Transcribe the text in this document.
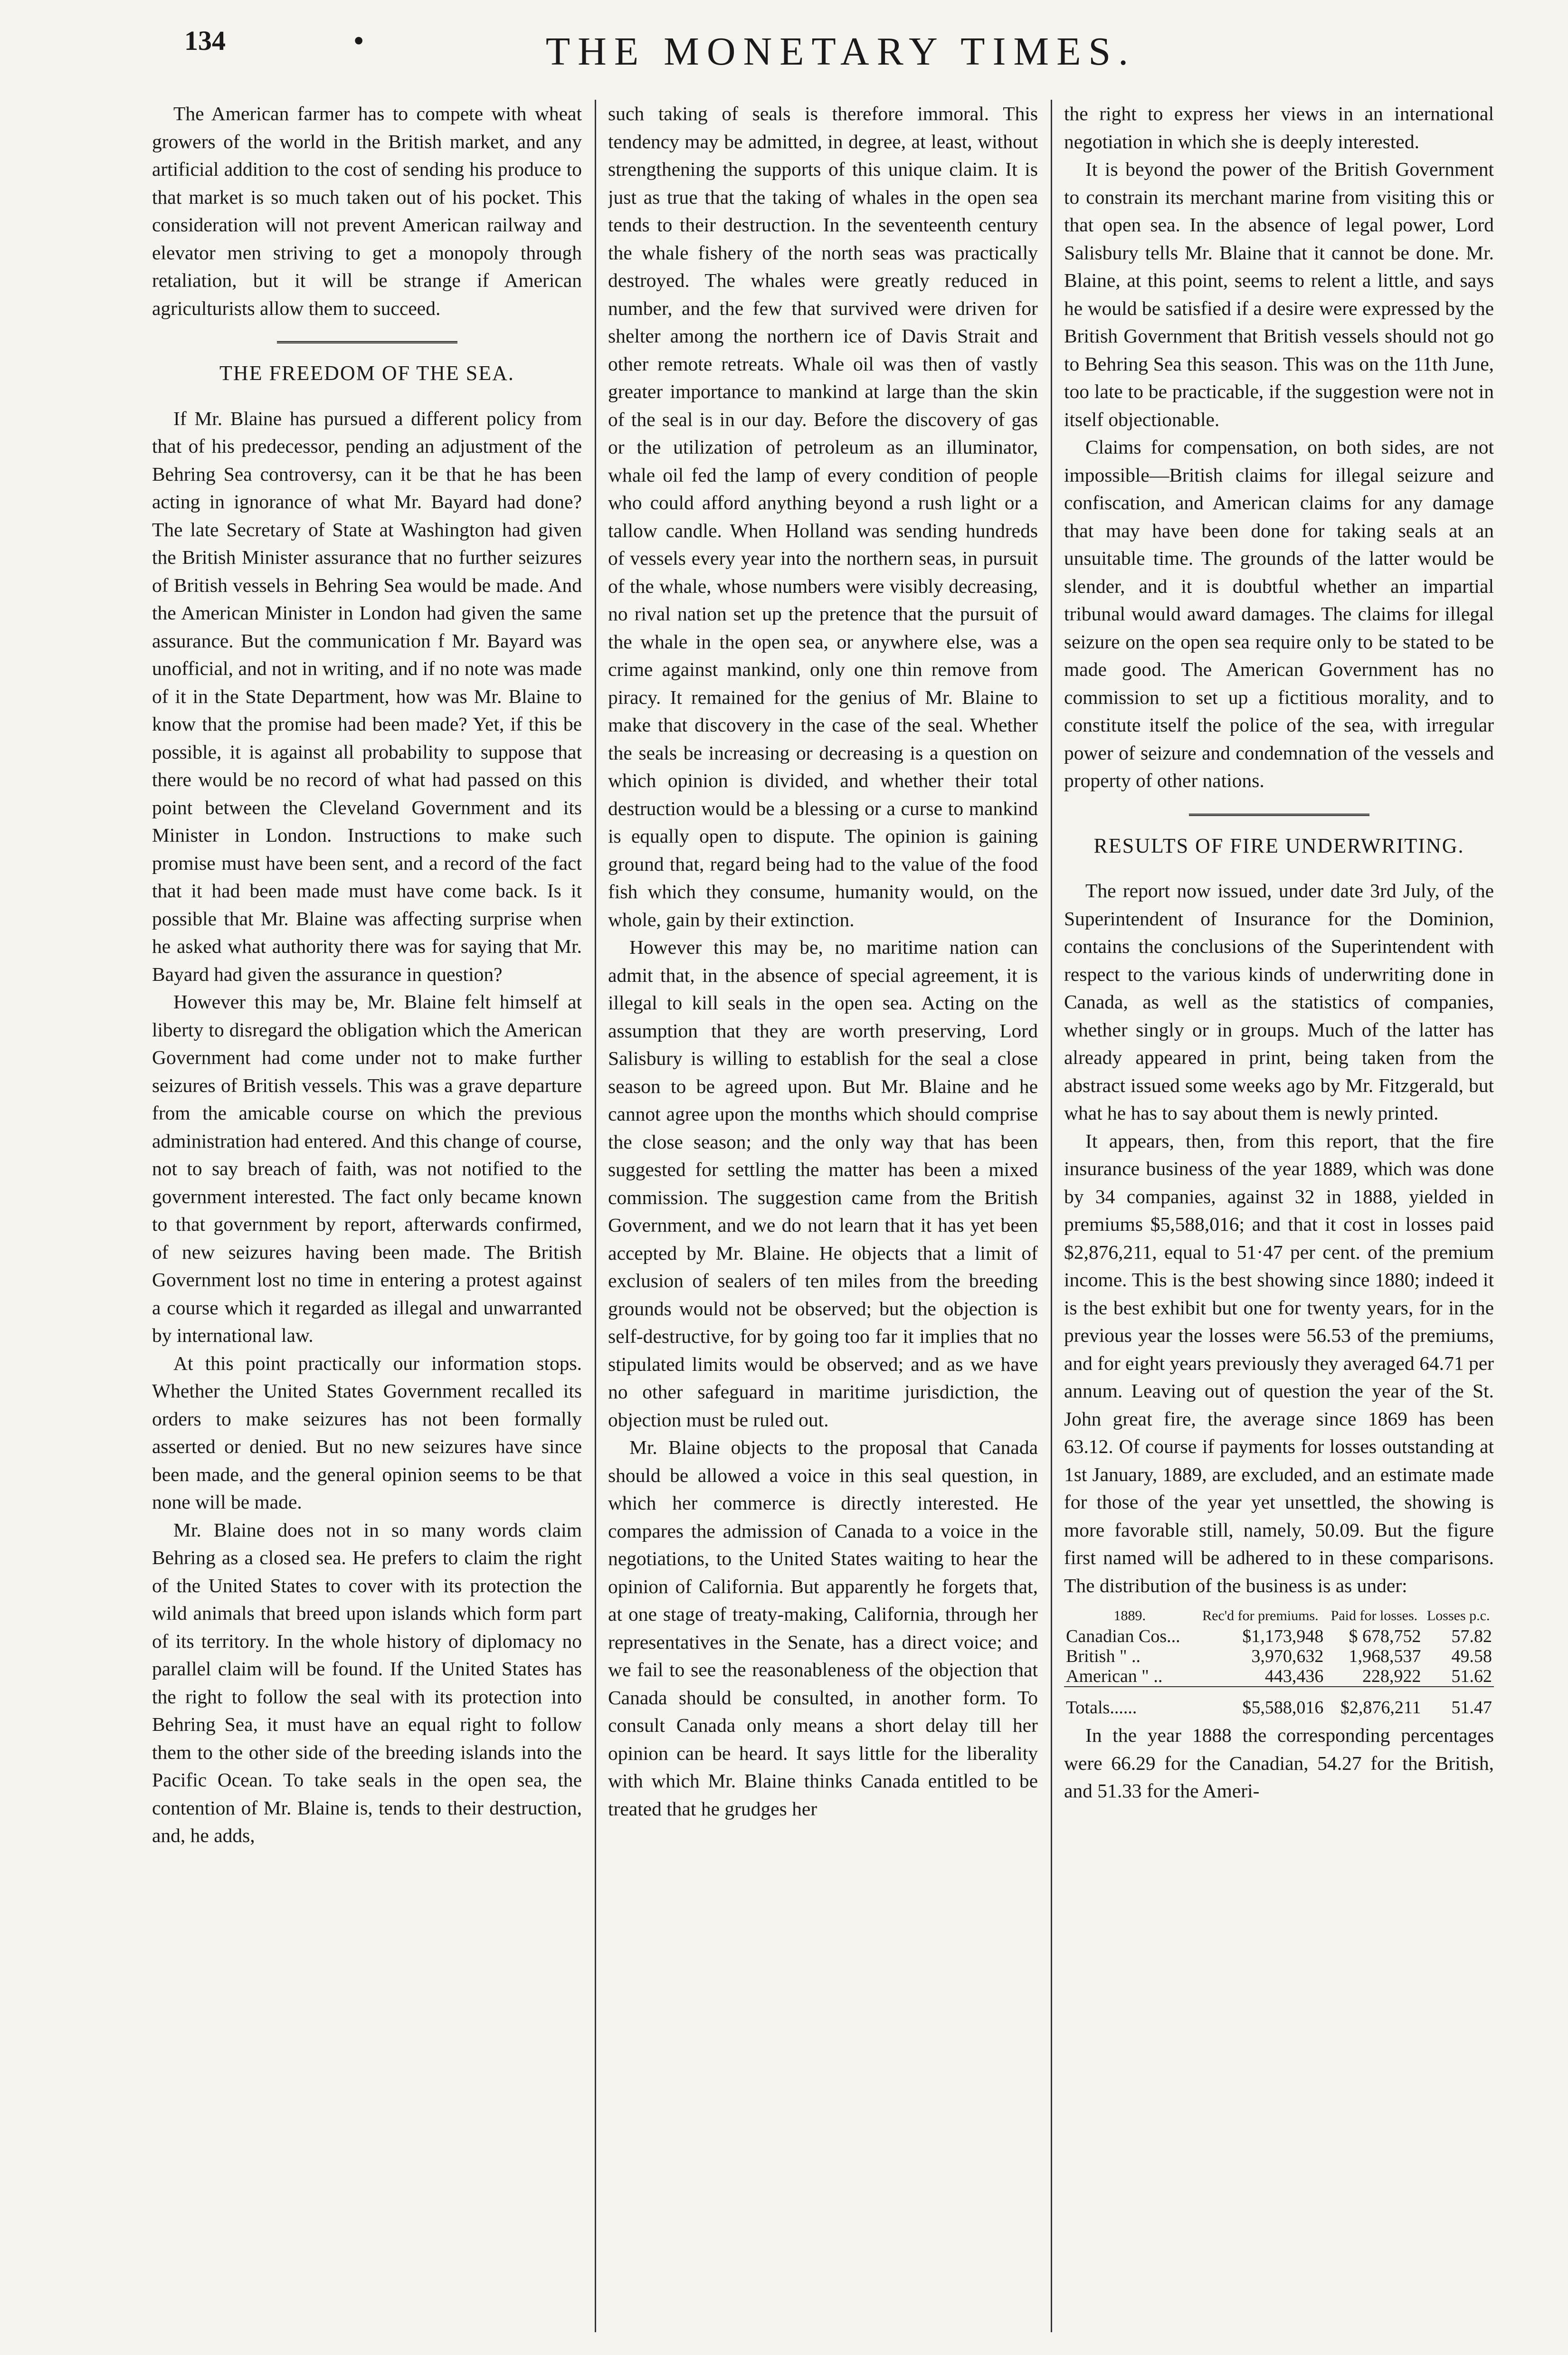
134	•	THE MONETARY TIMES.

The American farmer has to compete with wheat growers of the world in the British market, and any artificial addition to the cost of sending his produce to that market is so much taken out of his pocket. This consideration will not prevent American railway and elevator men striving to get a monopoly through retaliation, but it will be strange if American agriculturists allow them to succeed.

THE FREEDOM OF THE SEA.

If Mr. Blaine has pursued a different policy from that of his predecessor, pending an adjustment of the Behring Sea controversy, can it be that he has been acting in ignorance of what Mr. Bayard had done? The late Secretary of State at Washington had given the British Minister assurance that no further seizures of British vessels in Behring Sea would be made. And the American Minister in London had given the same assurance. But the communication f Mr. Bayard was unofficial, and not in writing, and if no note was made of it in the State Department, how was Mr. Blaine to know that the promise had been made? Yet, if this be possible, it is against all probability to suppose that there would be no record of what had passed on this point between the Cleveland Government and its Minister in London. Instructions to make such promise must have been sent, and a record of the fact that it had been made must have come back. Is it possible that Mr. Blaine was affecting surprise when he asked what authority there was for saying that Mr. Bayard had given the assurance in question?

However this may be, Mr. Blaine felt himself at liberty to disregard the obligation which the American Government had come under not to make further seizures of British vessels. This was a grave departure from the amicable course on which the previous administration had entered. And this change of course, not to say breach of faith, was not notified to the government interested. The fact only became known to that government by report, afterwards confirmed, of new seizures having been made. The British Government lost no time in entering a protest against a course which it regarded as illegal and unwarranted by international law.

At this point practically our information stops. Whether the United States Government recalled its orders to make seizures has not been formally asserted or denied. But no new seizures have since been made, and the general opinion seems to be that none will be made.

Mr. Blaine does not in so many words claim Behring as a closed sea. He prefers to claim the right of the United States to cover with its protection the wild animals that breed upon islands which form part of its territory. In the whole history of diplomacy no parallel claim will be found. If the United States has the right to follow the seal with its protection into Behring Sea, it must have an equal right to follow them to the other side of the breeding islands into the Pacific Ocean. To take seals in the open sea, the contention of Mr. Blaine is, tends to their destruction, and, he adds,

such taking of seals is therefore immoral. This tendency may be admitted, in degree, at least, without strengthening the supports of this unique claim. It is just as true that the taking of whales in the open sea tends to their destruction. In the seventeenth century the whale fishery of the north seas was practically destroyed. The whales were greatly reduced in number, and the few that survived were driven for shelter among the northern ice of Davis Strait and other remote retreats. Whale oil was then of vastly greater importance to mankind at large than the skin of the seal is in our day. Before the discovery of gas or the utilization of petroleum as an illuminator, whale oil fed the lamp of every condition of people who could afford anything beyond a rush light or a tallow candle. When Holland was sending hundreds of vessels every year into the northern seas, in pursuit of the whale, whose numbers were visibly decreasing, no rival nation set up the pretence that the pursuit of the whale in the open sea, or anywhere else, was a crime against mankind, only one thin remove from piracy. It remained for the genius of Mr. Blaine to make that discovery in the case of the seal. Whether the seals be increasing or decreasing is a question on which opinion is divided, and whether their total destruction would be a blessing or a curse to mankind is equally open to dispute. The opinion is gaining ground that, regard being had to the value of the food fish which they consume, humanity would, on the whole, gain by their extinction.

However this may be, no maritime nation can admit that, in the absence of special agreement, it is illegal to kill seals in the open sea. Acting on the assumption that they are worth preserving, Lord Salisbury is willing to establish for the seal a close season to be agreed upon. But Mr. Blaine and he cannot agree upon the months which should comprise the close season; and the only way that has been suggested for settling the matter has been a mixed commission. The suggestion came from the British Government, and we do not learn that it has yet been accepted by Mr. Blaine. He objects that a limit of exclusion of sealers of ten miles from the breeding grounds would not be observed; but the objection is self-destructive, for by going too far it implies that no stipulated limits would be observed; and as we have no other safeguard in maritime jurisdiction, the objection must be ruled out.

Mr. Blaine objects to the proposal that Canada should be allowed a voice in this seal question, in which her commerce is directly interested. He compares the admission of Canada to a voice in the negotiations, to the United States waiting to hear the opinion of California. But apparently he forgets that, at one stage of treaty-making, California, through her representatives in the Senate, has a direct voice; and we fail to see the reasonableness of the objection that Canada should be consulted, in another form. To consult Canada only means a short delay till her opinion can be heard. It says little for the liberality with which Mr. Blaine thinks Canada entitled to be treated that he grudges her

the right to express her views in an international negotiation in which she is deeply interested.

It is beyond the power of the British Government to constrain its merchant marine from visiting this or that open sea. In the absence of legal power, Lord Salisbury tells Mr. Blaine that it cannot be done. Mr. Blaine, at this point, seems to relent a little, and says he would be satisfied if a desire were expressed by the British Government that British vessels should not go to Behring Sea this season. This was on the 11th June, too late to be practicable, if the suggestion were not in itself objectionable.

Claims for compensation, on both sides, are not impossible—British claims for illegal seizure and confiscation, and American claims for any damage that may have been done for taking seals at an unsuitable time. The grounds of the latter would be slender, and it is doubtful whether an impartial tribunal would award damages. The claims for illegal seizure on the open sea require only to be stated to be made good. The American Government has no commission to set up a fictitious morality, and to constitute itself the police of the sea, with irregular power of seizure and condemnation of the vessels and property of other nations.

RESULTS OF FIRE UNDERWRITING.

The report now issued, under date 3rd July, of the Superintendent of Insurance for the Dominion, contains the conclusions of the Superintendent with respect to the various kinds of underwriting done in Canada, as well as the statistics of companies, whether singly or in groups. Much of the latter has already appeared in print, being taken from the abstract issued some weeks ago by Mr. Fitzgerald, but what he has to say about them is newly printed.

It appears, then, from this report, that the fire insurance business of the year 1889, which was done by 34 companies, against 32 in 1888, yielded in premiums $5,588,016; and that it cost in losses paid $2,876,211, equal to 51·47 per cent. of the premium income. This is the best showing since 1880; indeed it is the best exhibit but one for twenty years, for in the previous year the losses were 56.53 of the premiums, and for eight years previously they averaged 64.71 per annum. Leaving out of question the year of the St. John great fire, the average since 1869 has been 63.12. Of course if payments for losses outstanding at 1st January, 1889, are excluded, and an estimate made for those of the year yet unsettled, the showing is more favorable still, namely, 50.09. But the figure first named will be adhered to in these comparisons. The distribution of the business is as under:

1889.	Rec'd for premiums.	Paid for losses.	Losses p.c.
Canadian Cos...	$1,173,948	$ 678,752	57.82
British " ..	3,970,632	1,968,537	49.58
American " ..	443,436	228,922	51.62
Totals......	$5,588,016	$2,876,211	51.47

In the year 1888 the corresponding percentages were 66.29 for the Canadian, 54.27 for the British, and 51.33 for the Ameri-
